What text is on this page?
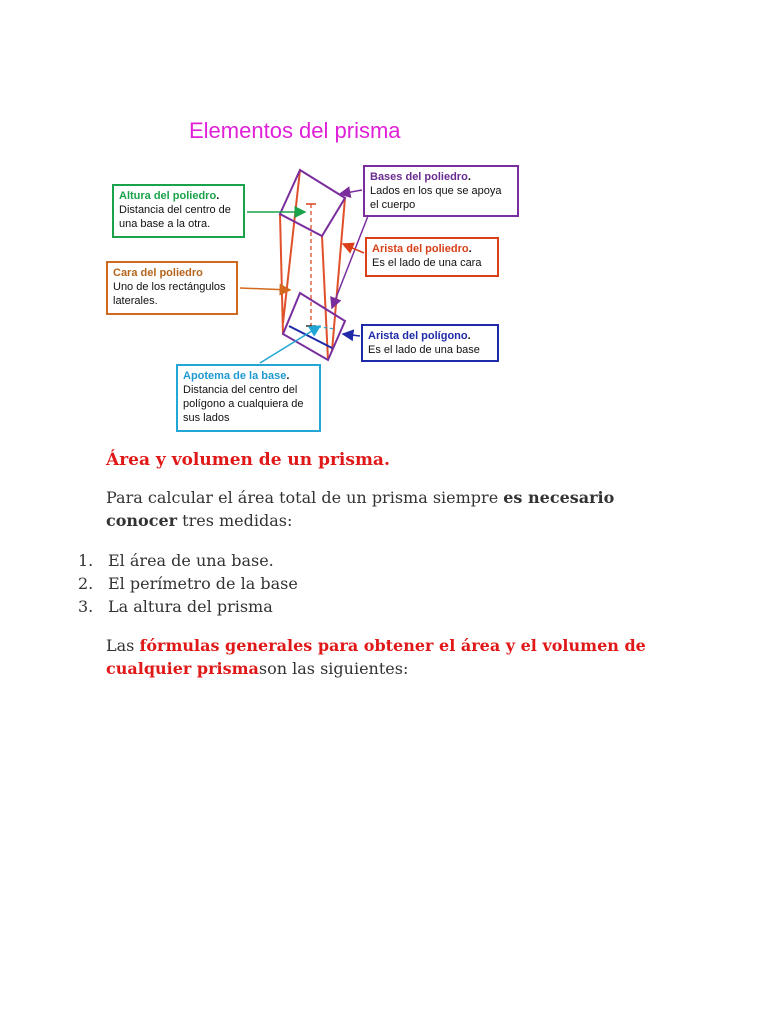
Elementos del prisma
Altura del poliedro.
Distancia del centro de una base a la otra.
Cara del poliedro
Uno de los rectángulos laterales.
Bases del poliedro.
Lados en los que se apoya el cuerpo
Arista del poliedro.
Es el lado de una cara
Arista del polígono.
Es el lado de una base
Apotema de la base.
Distancia del centro del polígono a cualquiera de sus lados
Área y volumen de un prisma.
Para calcular el área total de un prisma siempre es necesario conocer tres medidas:
1. El área de una base.
2. El perímetro de la base
3. La altura del prisma
Las fórmulas generales para obtener el área y el volumen de cualquier prismason las siguientes:
